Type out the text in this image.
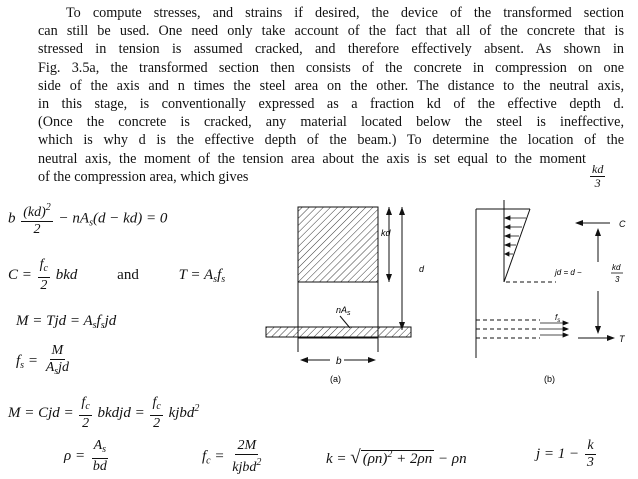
To compute stresses, and strains if desired, the device of the transformed section
can still be used. One need only take account of the fact that all of the concrete that is
stressed in tension is assumed cracked, and therefore effectively absent. As shown in
Fig. 3.5a, the transformed section then consists of the concrete in compression on one
side of the axis and n times the steel area on the other. The distance to the neutral axis,
in this stage, is conventionally expressed as a fraction kd of the effective depth d.
(Once the concrete is cracked, any material located below the steel is ineffective,
which is why d is the effective depth of the beam.) To determine the location of the
neutral axis, the moment of the tension area about the axis is set equal to the moment
of the compression area, which gives	$\frac{kd}{3}$
b $\frac{(kd)^2}{2} - nA_s(d - kd) = 0$
$C = \frac{f_c}{2}$ bkd	and	$T = A_sf_s$
M = Tjd = $A_sf_sjd$
$f_s = \frac{M}{A_sjd}$
M = Cjd = $\frac{f_c}{2}$ bkdjd = $\frac{f_c}{2}$ kjbd$^2$
$\rho = \frac{A_s}{bd}$	$f_c = \frac{2M}{kjbd^2}$	k = √ $(\rho n)^2 + 2\rho n - \rho n$	$j = 1 - \frac{k}{3}$
b
kd
d
$nA_s$
(a)
$f_s$
C
T
jd = d −
kd
3
(b)
